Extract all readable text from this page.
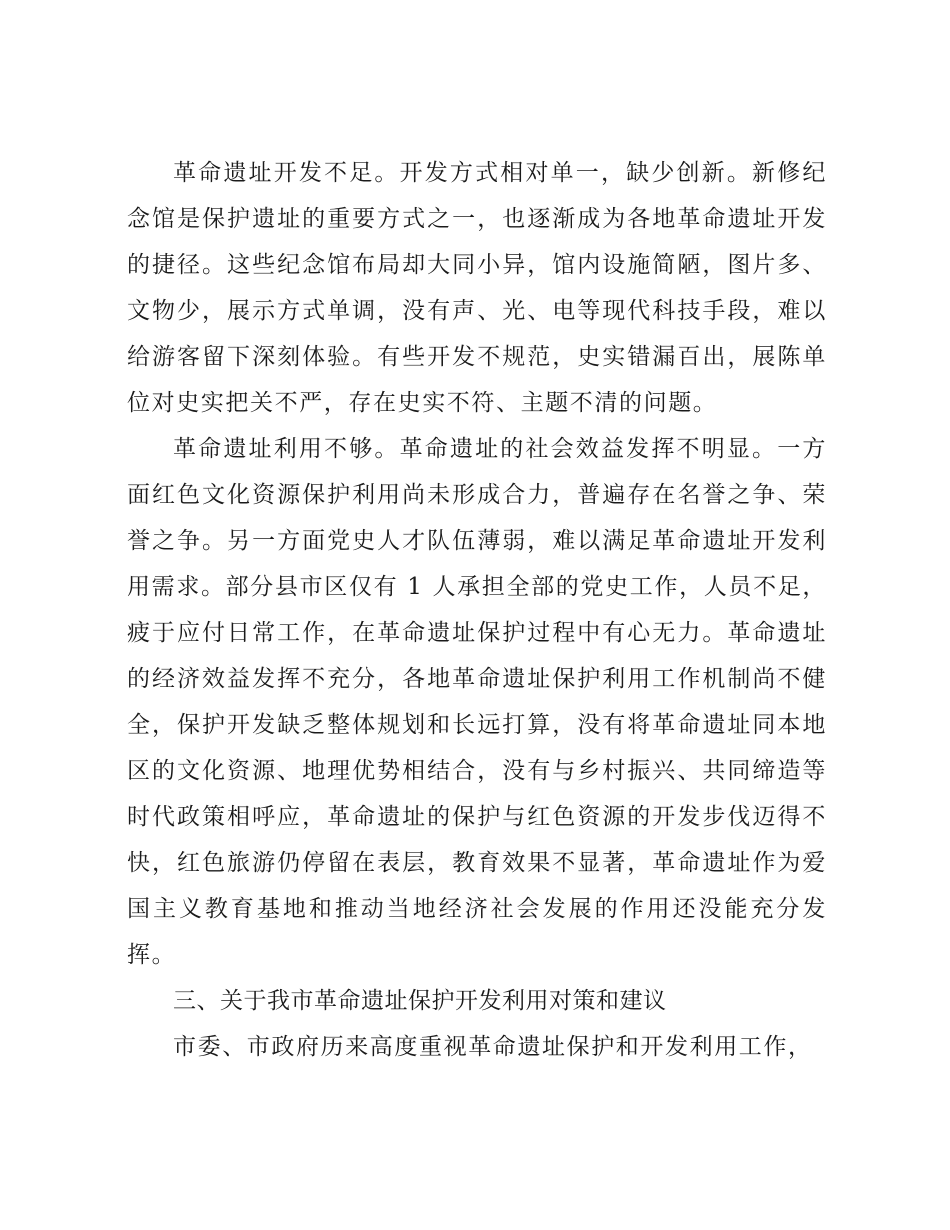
革命遗址开发不足。开发方式相对单一，缺少创新。新修纪念馆是保护遗址的重要方式之一，也逐渐成为各地革命遗址开发的捷径。这些纪念馆布局却大同小异，馆内设施简陋，图片多、文物少，展示方式单调，没有声、光、电等现代科技手段，难以给游客留下深刻体验。有些开发不规范，史实错漏百出，展陈单位对史实把关不严，存在史实不符、主题不清的问题。

革命遗址利用不够。革命遗址的社会效益发挥不明显。一方面红色文化资源保护利用尚未形成合力，普遍存在名誉之争、荣誉之争。另一方面党史人才队伍薄弱，难以满足革命遗址开发利用需求。部分县市区仅有 1 人承担全部的党史工作，人员不足，疲于应付日常工作，在革命遗址保护过程中有心无力。革命遗址的经济效益发挥不充分，各地革命遗址保护利用工作机制尚不健全，保护开发缺乏整体规划和长远打算，没有将革命遗址同本地区的文化资源、地理优势相结合，没有与乡村振兴、共同缔造等时代政策相呼应，革命遗址的保护与红色资源的开发步伐迈得不快，红色旅游仍停留在表层，教育效果不显著，革命遗址作为爱国主义教育基地和推动当地经济社会发展的作用还没能充分发挥。

三、关于我市革命遗址保护开发利用对策和建议

市委、市政府历来高度重视革命遗址保护和开发利用工作，
